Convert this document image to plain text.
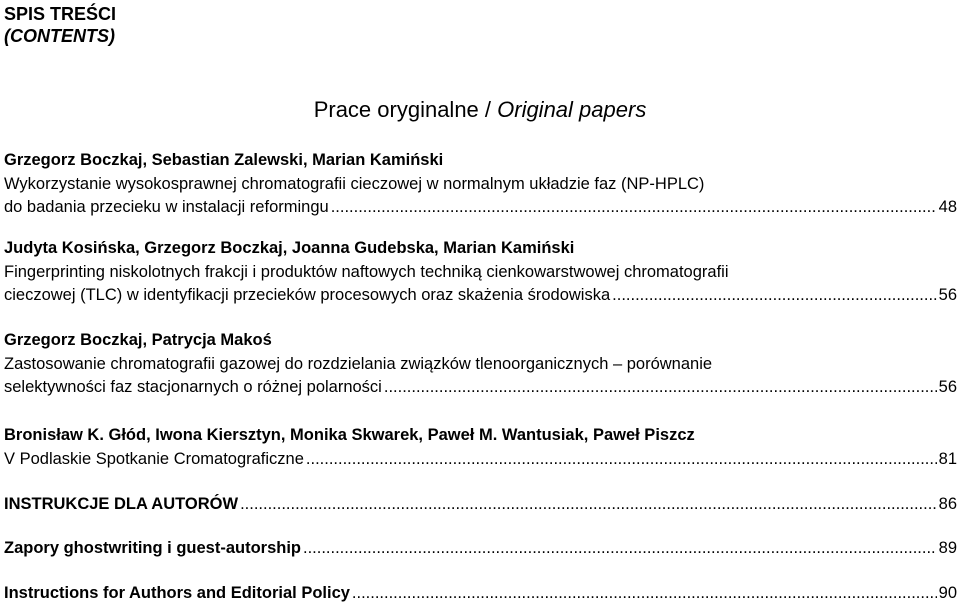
SPIS TREŚCI
(CONTENTS)
Prace oryginalne / Original papers
Grzegorz Boczkaj, Sebastian Zalewski, Marian Kamiński
Wykorzystanie wysokosprawnej chromatografii cieczowej w normalnym układzie faz (NP-HPLC)
do badania przecieku w instalacji reformingu .....	48
Judyta Kosińska, Grzegorz Boczkaj, Joanna Gudebska, Marian Kamiński
Fingerprinting niskolotnych frakcji i produktów naftowych techniką cienkowarstwowej chromatografii
cieczowej (TLC) w identyfikacji przecieków procesowych oraz skażenia środowiska .....	56
Grzegorz Boczkaj, Patrycja Makoś
Zastosowanie chromatografii gazowej do rozdzielania związków tlenoorganicznych – porównanie
selektywności faz stacjonarnych o różnej polarności .....	56
Bronisław K. Głód, Iwona Kiersztyn, Monika Skwarek, Paweł M. Wantusiak, Paweł Piszcz
V Podlaskie Spotkanie Cromatograficzne .....	81
INSTRUKCJE DLA AUTORÓW .....	86
Zapory ghostwriting i guest-autorship .....	89
Instructions for Authors and Editorial Policy .....	90
